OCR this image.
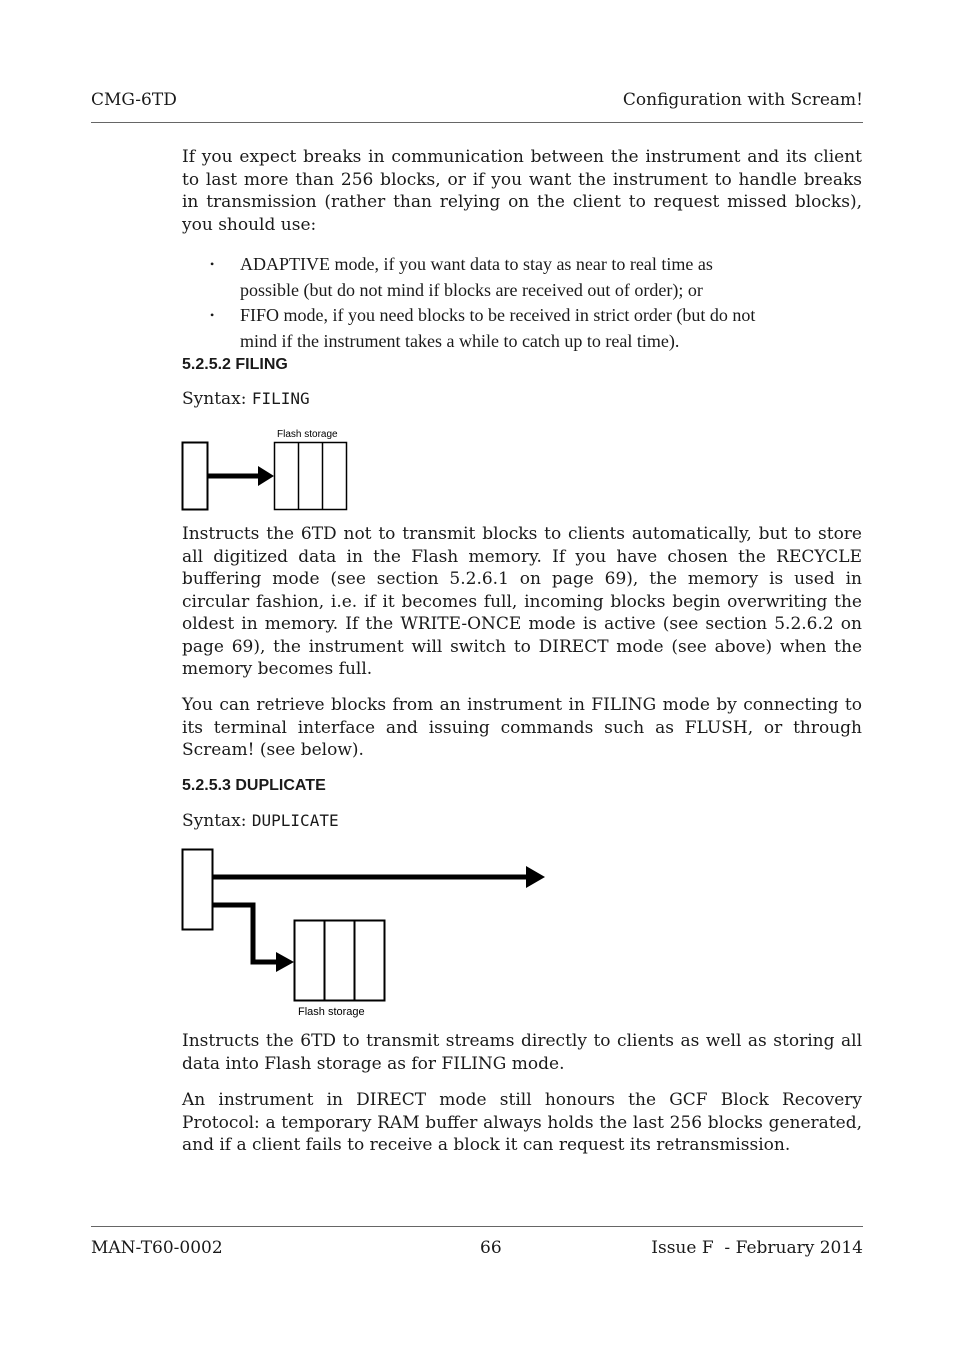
CMG-6TD	Configuration with Scream!

If you expect breaks in communication between the instrument and its client to last more than 256 blocks, or if you want the instrument to handle breaks in transmission (rather than relying on the client to request missed blocks), you should use:

• ADAPTIVE mode, if you want data to stay as near to real time as
possible (but do not mind if blocks are received out of order); or
• FIFO mode, if you need blocks to be received in strict order (but do not
mind if the instrument takes a while to catch up to real time).
5.2.5.2 FILING
Syntax: FILING
Flash storage

Instructs the 6TD not to transmit blocks to clients automatically, but to store all digitized data in the Flash memory. If you have chosen the RECYCLE buffering mode (see section 5.2.6.1 on page 69), the memory is used in circular fashion, i.e. if it becomes full, incoming blocks begin overwriting the oldest in memory. If the WRITE-ONCE mode is active (see section 5.2.6.2 on page 69), the instrument will switch to DIRECT mode (see above) when the memory becomes full.

You can retrieve blocks from an instrument in FILING mode by connecting to its terminal interface and issuing commands such as FLUSH, or through Scream! (see below).

5.2.5.3 DUPLICATE
Syntax: DUPLICATE
Flash storage

Instructs the 6TD to transmit streams directly to clients as well as storing all data into Flash storage as for FILING mode.

An instrument in DIRECT mode still honours the GCF Block Recovery Protocol: a temporary RAM buffer always holds the last 256 blocks generated, and if a client fails to receive a block it can request its retransmission.

MAN-T60-0002	66	Issue F  - February 2014
